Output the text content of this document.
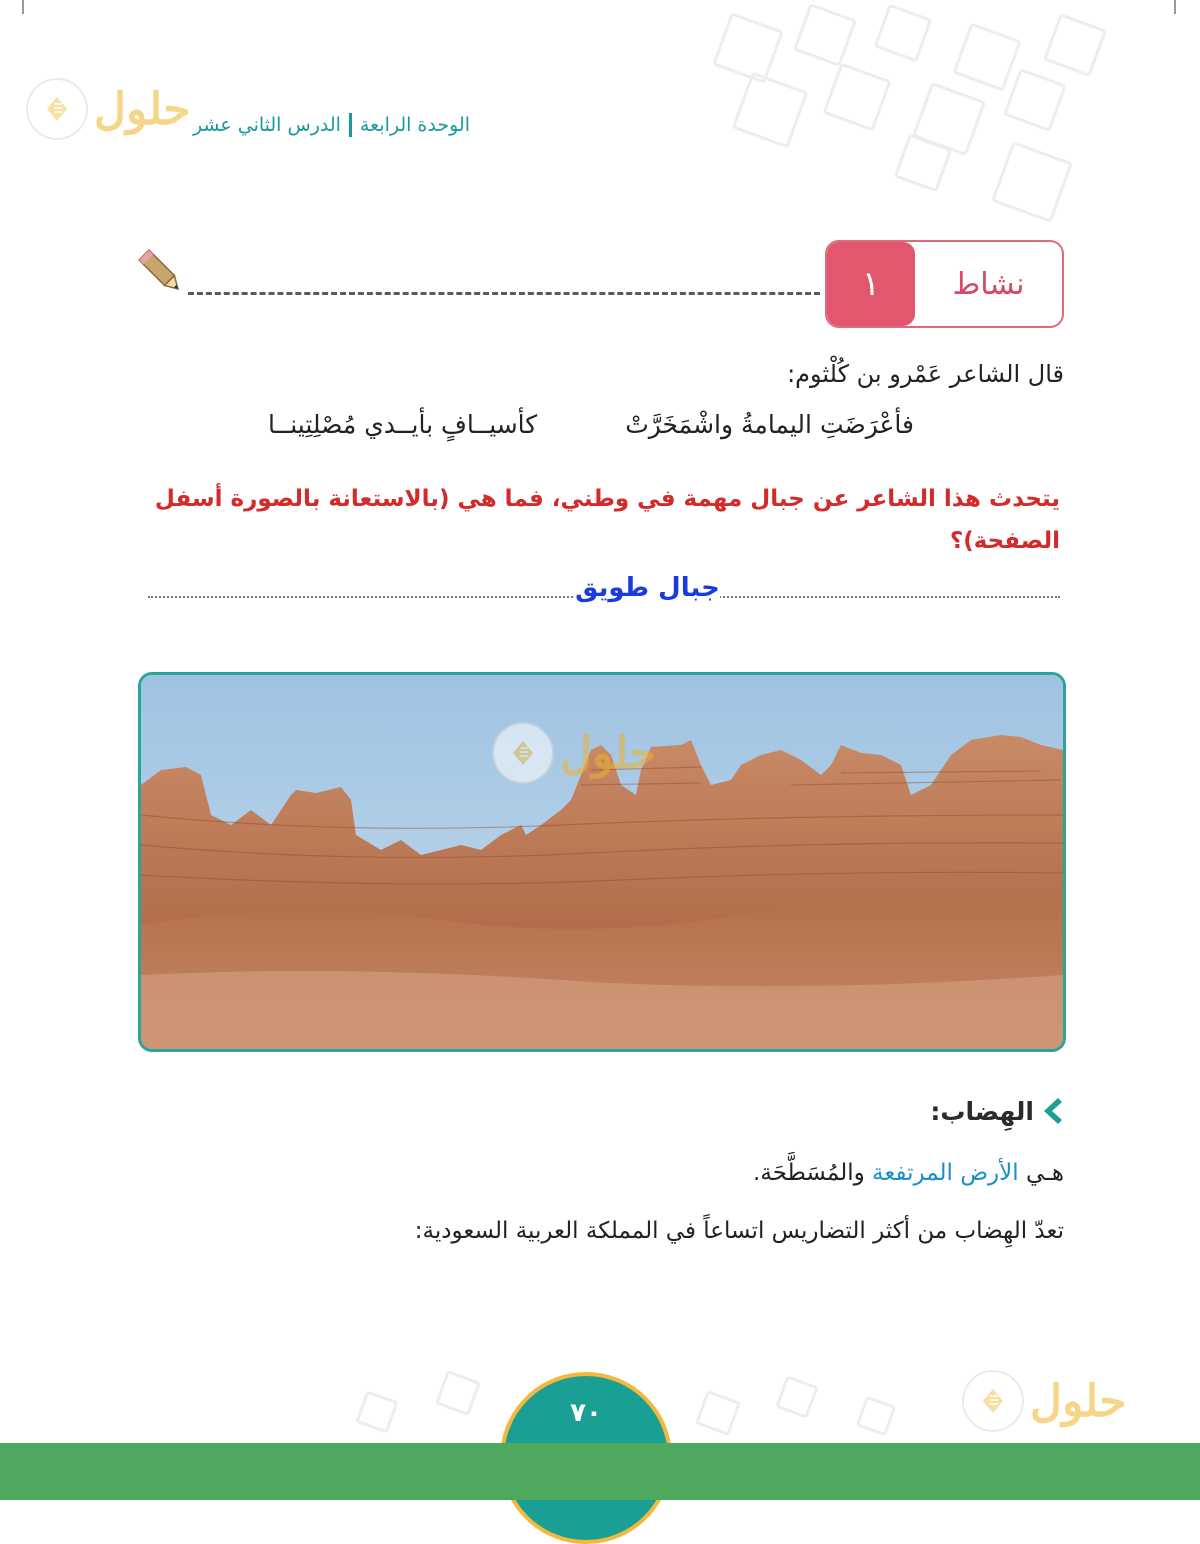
حلول	الوحدة الرابعة
الدرس الثاني عشر
نشاط
١
قال الشاعر عَمْرو بن كُلْثوم:
فأعْرَضَتِ اليمامةُ واشْمَخَرَّتْ
كأسيــافٍ بأيــدي مُصْلِتِينــا
يتحدث هذا الشاعر عن جبال مهمة في وطني، فما هي (بالاستعانة بالصورة أسفل الصفحة)؟
جبال طويق
حلول
الهِضاب:
هـي الأرض المرتفعة والمُسَطَّحَة.
تعدّ الهِضاب من أكثر التضاريس اتساعاً في المملكة العربية السعودية:
٧٠	حلول
